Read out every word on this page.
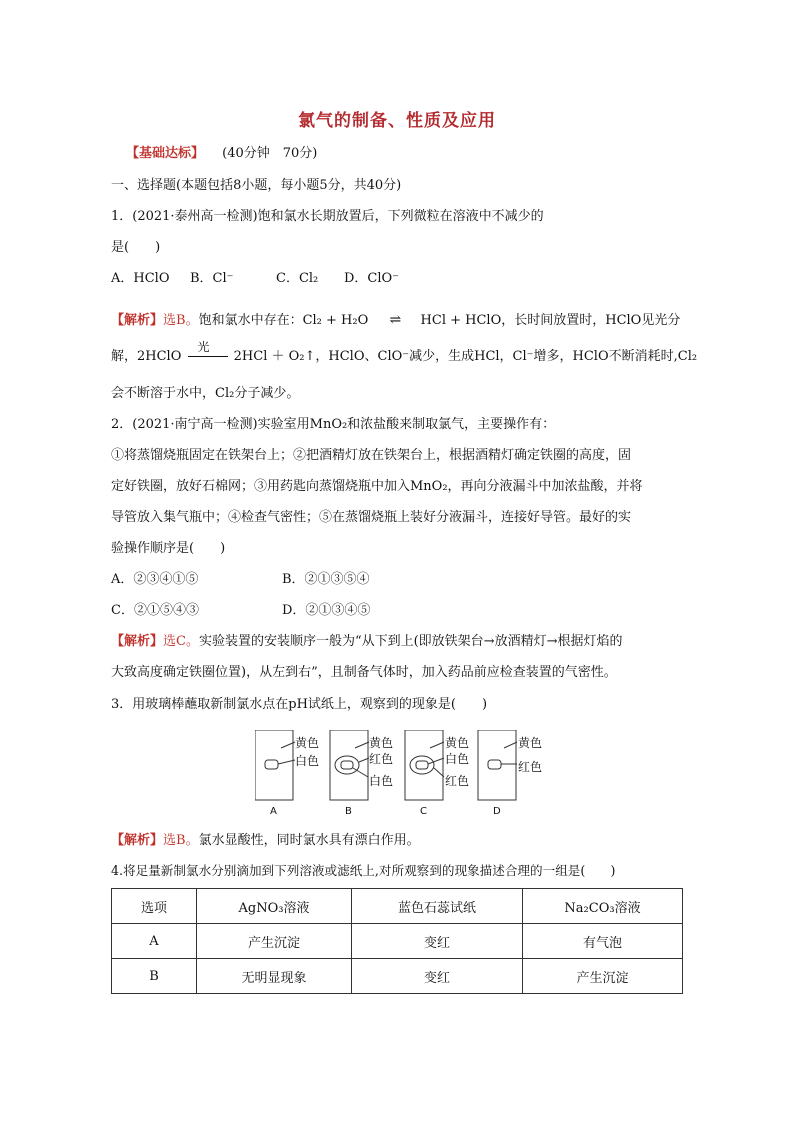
氯气的制备、性质及应用
【基础达标】 (40分钟　70分)
一、选择题(本题包括8小题，每小题5分，共40分)
1．(2021·泰州高一检测)饱和氯水长期放置后，下列微粒在溶液中不减少的
是(　　)
A．HClO B．Cl⁻	C．Cl₂ D．ClO⁻
【解析】选B。饱和氯水中存在：Cl₂ + H₂O ⇌ HCl + HClO，长时间放置时，HClO见光分
解，2HClO
光
2HCl ＋ O₂↑，HClO、ClO⁻减少，生成HCl，Cl⁻增多，HClO不断消耗时,Cl₂
会不断溶于水中，Cl₂分子减少。
2．(2021·南宁高一检测)实验室用MnO₂和浓盐酸来制取氯气，主要操作有：
①将蒸馏烧瓶固定在铁架台上；②把酒精灯放在铁架台上，根据酒精灯确定铁圈的高度，固
定好铁圈，放好石棉网；③用药匙向蒸馏烧瓶中加入MnO₂，再向分液漏斗中加浓盐酸，并将
导管放入集气瓶中；④检查气密性；⑤在蒸馏烧瓶上装好分液漏斗，连接好导管。最好的实
验操作顺序是(　　)
A．②③④①⑤	B．②①③⑤④
C．②①⑤④③	D．②①③④⑤
【解析】选C。实验装置的安装顺序一般为“从下到上(即放铁架台→放酒精灯→根据灯焰的
大致高度确定铁圈位置)，从左到右”，且制备气体时，加入药品前应检查装置的气密性。
3．用玻璃棒蘸取新制氯水点在pH试纸上，观察到的现象是(　　)
黄色
白色
A
黄色
红色
白色
B
黄色
白色
红色
C
黄色
红色
D
【解析】选B。氯水显酸性，同时氯水具有漂白作用。
4.将足量新制氯水分别滴加到下列溶液或滤纸上,对所观察到的现象描述合理的一组是(　　)
选项	AgNO₃溶液	蓝色石蕊试纸	Na₂CO₃溶液
A	产生沉淀	变红	有气泡
B	无明显现象	变红	产生沉淀
